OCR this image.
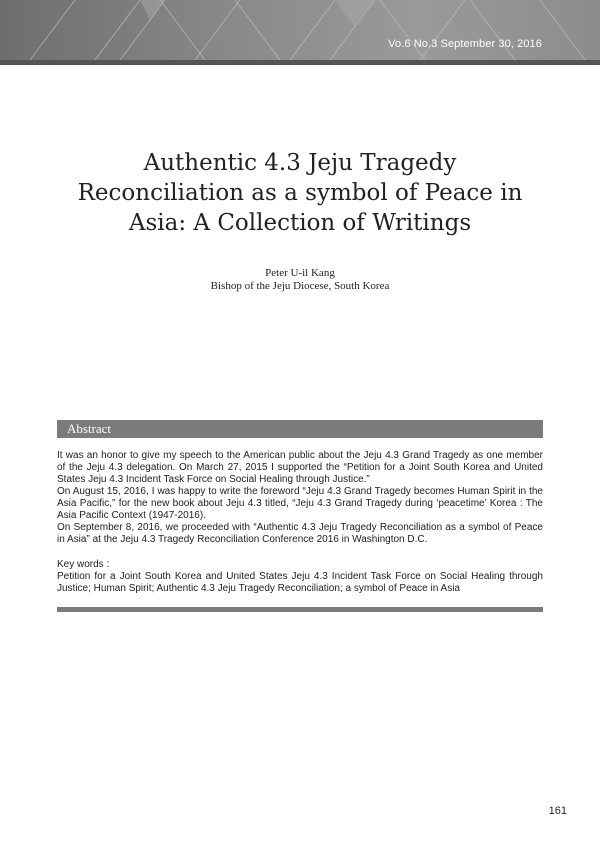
Vo.6 No.3 September 30, 2016
Authentic 4.3 Jeju Tragedy
Reconciliation as a symbol of Peace in
Asia: A Collection of Writings
Peter U-il Kang
Bishop of the Jeju Diocese, South Korea
Abstract

It was an honor to give my speech to the American public about the Jeju 4.3 Grand Tragedy as one member of the Jeju 4.3 delegation. On March 27, 2015 I supported the “Petition for a Joint South Korea and United States Jeju 4.3 Incident Task Force on Social Healing through Justice.”

On August 15, 2016, I was happy to write the foreword “Jeju 4.3 Grand Tragedy becomes Human Spirit in the Asia Pacific,” for the new book about Jeju 4.3 titled, “Jeju 4.3 Grand Tragedy during ‘peacetime’ Korea : The Asia Pacific Context (1947-2016).

On September 8, 2016, we proceeded with “Authentic 4.3 Jeju Tragedy Reconciliation as a symbol of Peace in Asia” at the Jeju 4.3 Tragedy Reconciliation Conference 2016 in Washington D.C.

Key words :
Petition for a Joint South Korea and United States Jeju 4.3 Incident Task Force on Social Healing through Justice; Human Spirit; Authentic 4.3 Jeju Tragedy Reconciliation; a symbol of Peace in Asia
161
